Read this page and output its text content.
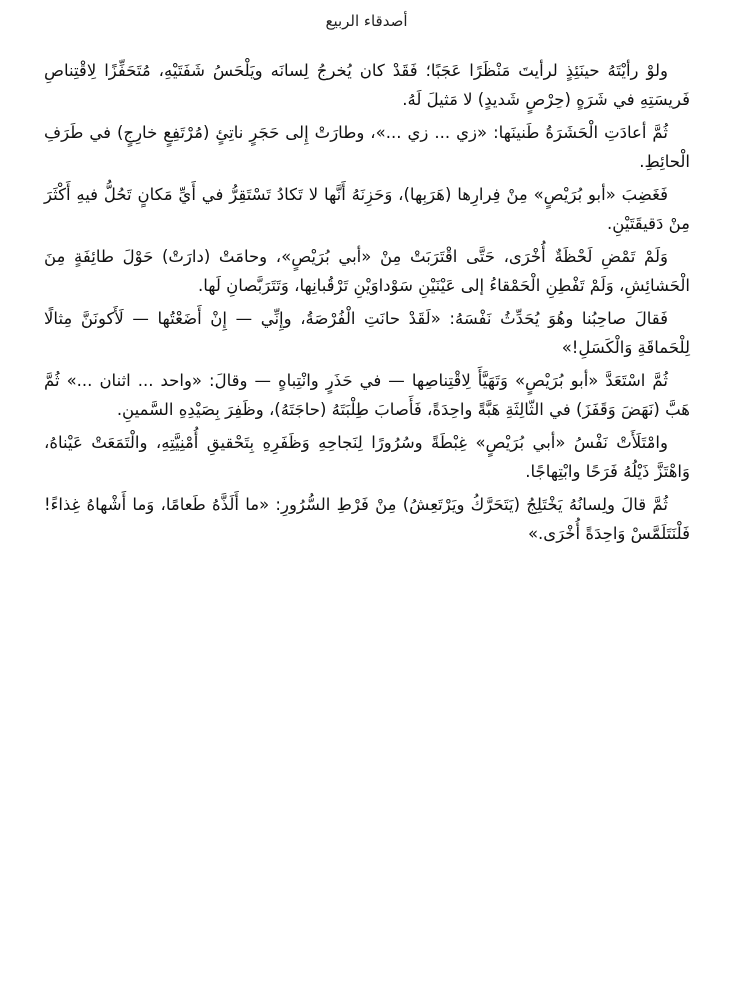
أصدقاء الربيع

ولوْ رأيْتَهُ حينَئِذٍ لرأيتَ مَنْظَرًا عَجَبًا؛ فَقَدْ كان يُخرجُ لِسانَه ويَلْحَسُ شَفَتَيْهِ، مُتَحَفِّزًا لِاقْتِناصِ فَريسَتِهِ في شَرَهٍ (حِرْصٍ شَديدٍ) لا مَثيلَ لَهُ.

ثُمَّ أعادَتِ الْحَشَرَةُ طَنينَها: «زي ... زي ...»، وطارَتْ إِلى حَجَرٍ ناتِئٍ (مُرْتَفِعٍ خارِجٍ) في طَرَفِ الْحائِطِ.

فَغَضِبَ «أبو بُرَيْصٍ» مِنْ فِرارِها (هَرَبِها)، وَحَزِنَهُ أَنَّها لا تَكادُ تَسْتَقِرُّ في أَيِّ مَكانٍ تَحُلُّ فيهِ أَكْثَرَ مِنْ دَقيقَتَيْنِ.

وَلَمْ تَمْضِ لَحْظَةٌ أُخْرَى، حَتَّى اقْتَرَبَتْ مِنْ «أبي بُرَيْصٍ»، وحامَتْ (دارَتْ) حَوْلَ طائِفَةٍ مِنَ الْحَشائِشِ، وَلَمْ تَفْطِنِ الْحَمْقاءُ إلى عَيْنَيْنِ سَوْداوَيْنِ تَرْقُبانِها، وَتَتَرَبَّصانِ لَها.

فَقالَ صاحِبُنا وهُوَ يُحَدِّثُ نَفْسَهُ: «لَقَدْ حانَتِ الْفُرْصَةُ، وإِنِّي — إِنْ أَضَعْتُها — لَأَكونَنَّ مِثالًا لِلْحَماقَةِ وَالْكَسَلِ!»

ثُمَّ اسْتَعَدَّ «أبو بُرَيْصٍ» وَتَهَيَّأَ لِاقْتِناصِها — في حَذَرٍ وانْتِباهٍ — وقالَ: «واحد ... اثنان ...» ثُمَّ هَبَّ (نَهَضَ وَقَفَزَ) في الثّالِثَةِ هَبَّةً واحِدَةً، فَأَصابَ طِلْبَتَهُ (حاجَتَهُ)، وظَفِرَ بِصَيْدِهِ السَّمينِ.

وامْتَلَأَتْ نَفْسُ «أبي بُرَيْصٍ» غِبْطَةً وسُرُورًا لِنَجاحِهِ وَظَفَرِهِ بِتَحْقيقِ أُمْنِيَّتِهِ، والْتَمَعَتْ عَيْناهُ، وَاهْتَزَّ ذَيْلُهُ فَرَحًا وابْتِهاجًا.

ثُمَّ قالَ ولِسانُهُ يَخْتَلِجُ (يَتَحَرَّكُ ويَرْتَعِشُ) مِنْ فَرْطِ السُّرُورِ: «ما أَلَذَّهُ طَعامًا، وَما أَشْهاهُ غِذاءً! فَلْنَتَلَمَّسْ وَاحِدَةً أُخْرَى.»
